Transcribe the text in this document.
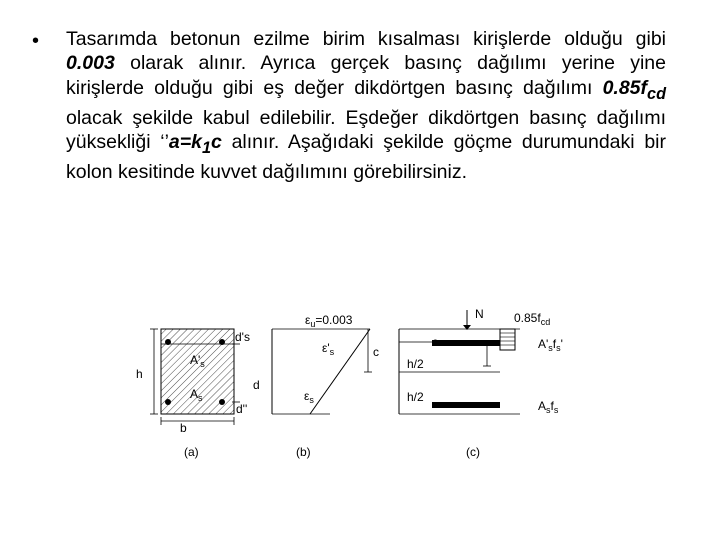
• Tasarımda betonun ezilme birim kısalması kirişlerde olduğu gibi 0.003 olarak alınır. Ayrıca gerçek basınç dağılımı yerine yine kirişlerde olduğu gibi eş değer dikdörtgen basınç dağılımı $0.85f_{cd}$ olacak şekilde kabul edilebilir. Eşdeğer dikdörtgen basınç dağılımı yüksekliği ‘$’a=k_1c$ alınır. Aşağıdaki şekilde göçme durumundaki bir kolon kesitinde kuvvet dağılımını görebilirsiniz.

h
b
d's
d
d''
$A'_s$
$A_s$
(a)
$\varepsilon_u=0.003$
$\varepsilon'_s$	c
$\varepsilon_s$
(b)
N	$0.85f_{cd}$
h/2
h/2
$A'_sf_s'$
$A_sf_s$
(c)
